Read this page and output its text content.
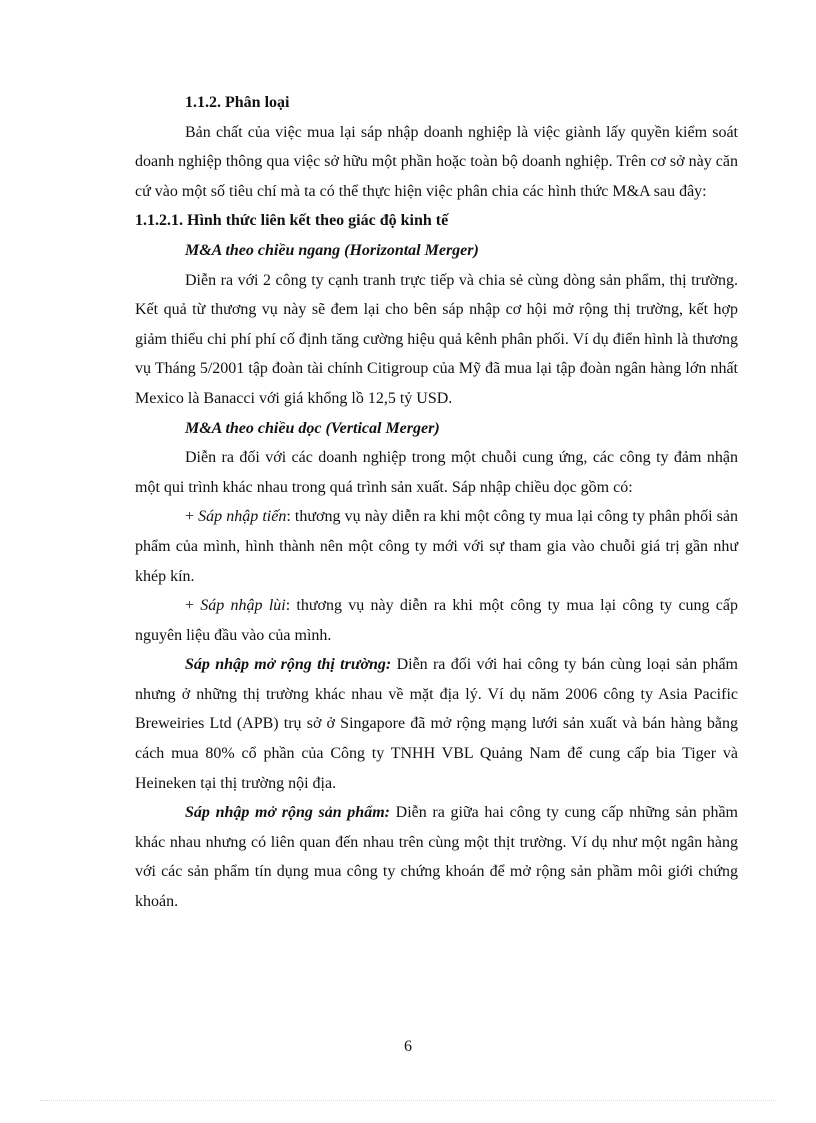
1.1.2. Phân loại

Bản chất của việc mua lại sáp nhập doanh nghiệp là việc giành lấy quyền kiểm soát doanh nghiệp thông qua việc sở hữu một phần hoặc toàn bộ doanh nghiệp. Trên cơ sở này căn cứ vào một số tiêu chí mà ta có thể thực hiện việc phân chia các hình thức M&A sau đây:

1.1.2.1. Hình thức liên kết theo giác độ kinh tế

M&A theo chiều ngang (Horizontal Merger)

Diễn ra với 2 công ty cạnh tranh trực tiếp và chia sẻ cùng dòng sản phẩm, thị trường. Kết quả từ thương vụ này sẽ đem lại cho bên sáp nhập cơ hội mở rộng thị trường, kết hợp giảm thiểu chi phí phí cố định tăng cường hiệu quả kênh phân phối. Ví dụ điển hình là thương vụ Tháng 5/2001 tập đoàn tài chính Citigroup của Mỹ đã mua lại tập đoàn ngân hàng lớn nhất Mexico là Banacci với giá khổng lồ 12,5 tỷ USD.

M&A theo chiều dọc (Vertical Merger)

Diễn ra đối với các doanh nghiệp trong một chuỗi cung ứng, các công ty đảm nhận một qui trình khác nhau trong quá trình sản xuất. Sáp nhập chiều dọc gồm có:

+ Sáp nhập tiến: thương vụ này diễn ra khi một công ty mua lại công ty phân phối sản phẩm của mình, hình thành nên một công ty mới với sự tham gia vào chuỗi giá trị gần như khép kín.

+ Sáp nhập lùi: thương vụ này diễn ra khi một công ty mua lại công ty cung cấp nguyên liệu đầu vào của mình.

Sáp nhập mở rộng thị trường: Diễn ra đối với hai công ty bán cùng loại sản phẩm nhưng ở những thị trường khác nhau về mặt địa lý. Ví dụ năm 2006 công ty Asia Pacific Breweiries Ltd (APB) trụ sở ở Singapore đã mở rộng mạng lưới sản xuất và bán hàng bằng cách mua 80% cổ phần của Công ty TNHH VBL Quảng Nam để cung cấp bia Tiger và Heineken tại thị trường nội địa.

Sáp nhập mở rộng sản phẩm: Diễn ra giữa hai công ty cung cấp những sản phầm khác nhau nhưng có liên quan đến nhau trên cùng một thịt trường. Ví dụ như một ngân hàng với các sản phẩm tín dụng mua công ty chứng khoán để mở rộng sản phầm môi giới chứng khoán.

6
